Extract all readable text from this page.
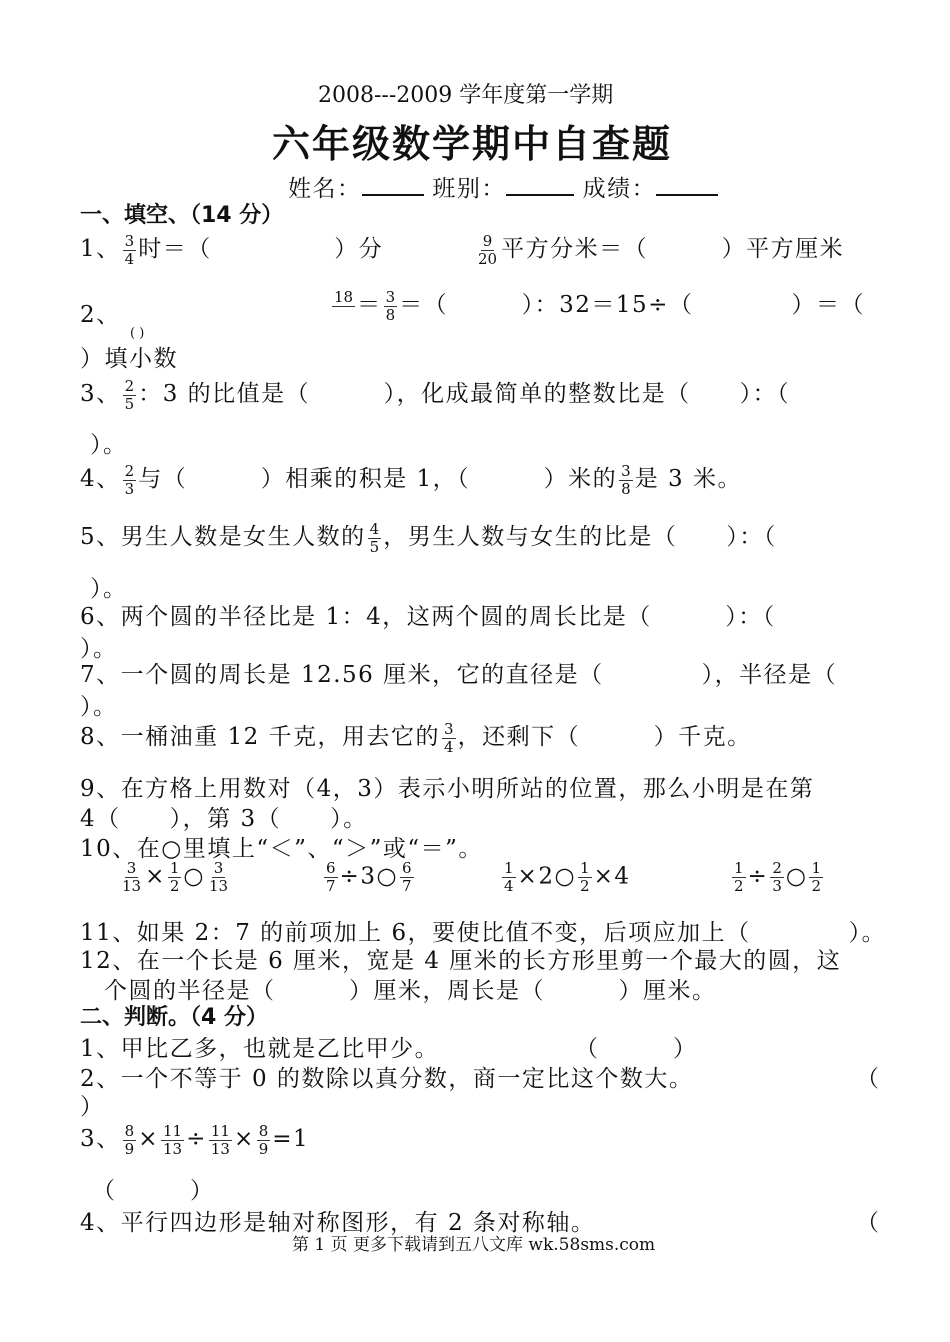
2008---2009 学年度第一学期
六年级数学期中自查题
姓名：	班别：	成绩：
一、填空、（14 分）
1、 $\frac{3}{4}$ 时＝（　　　　　）分	$\frac{9}{20}$ 平方分米＝（　　　）平方厘米
2、
18
＝ $\frac{3}{8}$ ＝（　　　）：32＝15÷（　　　　）＝（
( )
）填小数
3、 $\frac{2}{5}$ ：3 的比值是（　　　），化成最简单的整数比是（　　）：（
）。
4、 $\frac{2}{3}$ 与（　　　）相乘的积是 1，（　　　）米的 $\frac{3}{8}$ 是 3 米。
5、男生人数是女生人数的 $\frac{4}{5}$ ，男生人数与女生的比是（　　）：（
）。
6、两个圆的半径比是 1：4，这两个圆的周长比是（　　　）：（
）。
7、一个圆的周长是 12.56 厘米，它的直径是（　　　　），半径是（
）。
8、一桶油重 12 千克，用去它的 $\frac{3}{4}$ ，还剩下（　　　）千克。
9、在方格上用数对（4，3）表示小明所站的位置，那么小明是在第
4（　　），第 3（　　）。
10、在○里填上“＜”、“＞”或“＝”。
$\frac{3}{13} \times \frac{1}{2}$ ○ $\frac{3}{13}$	$\frac{6}{7}$ ÷3○ $\frac{6}{7}$	$\frac{1}{4}$ ×2○ $\frac{1}{2} \times 4$	$\frac{1}{2} \div \frac{2}{3}$ ○ $\frac{1}{2}$
11、如果 2：7 的前项加上 6，要使比值不变，后项应加上（　　　　）。
12、在一个长是 6 厘米，宽是 4 厘米的长方形里剪一个最大的圆，这
个圆的半径是（　　　）厘米，周长是（　　　）厘米。
二、判断。（4 分）
1、甲比乙多，也就是乙比甲少。	（　　　）
2、一个不等于 0 的数除以真分数，商一定比这个数大。	（
）
3、 $\frac{8}{9} \times \frac{11}{13} \div \frac{11}{13} \times \frac{8}{9} =1$
（　　　）
4、平行四边形是轴对称图形，有 2 条对称轴。	（
第 1 页 更多下载请到五八文库 wk.58sms.com
